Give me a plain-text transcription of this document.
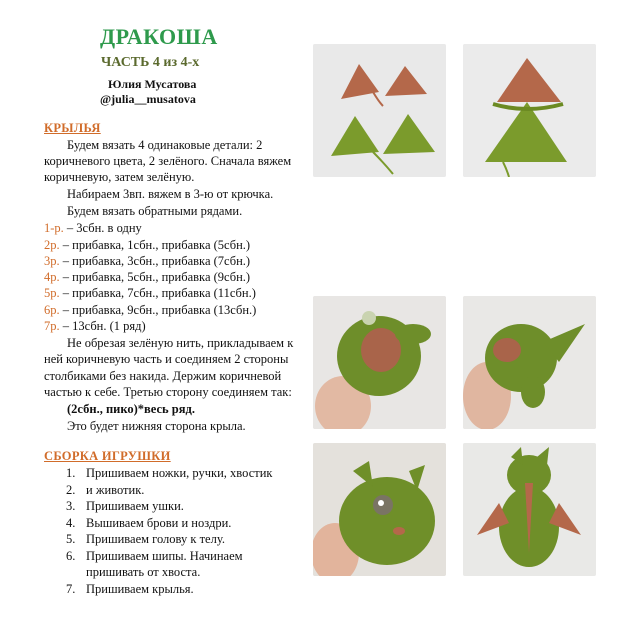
ДРАКОША
ЧАСТЬ 4 из 4-х
Юлия Мусатова
@julia__musatova
КРЫЛЬЯ
Будем вязать 4 одинаковые детали: 2
коричневого цвета, 2 зелёного. Сначала вяжем
коричневую, затем зелёную.
Набираем 3вп. вяжем в 3-ю от крючка.
Будем вязать обратными рядами.
1-р. – 3сбн. в одну
2р. – прибавка, 1сбн., прибавка (5сбн.)
3р. – прибавка, 3сбн., прибавка (7сбн.)
4р. – прибавка, 5сбн., прибавка (9сбн.)
5р. – прибавка, 7сбн., прибавка (11сбн.)
6р. – прибавка, 9сбн., прибавка (13сбн.)
7р. – 13сбн. (1 ряд)
Не обрезая зелёную нить, прикладываем к
ней коричневую часть и соединяем 2 стороны
столбиками без накида. Держим коричневой
частью к себе. Третью сторону соединяем так:
(2сбн., пико)*весь ряд.
Это будет нижняя сторона крыла.
СБОРКА ИГРУШКИ
1. Пришиваем ножки, ручки, хвостик
2. и животик.
3. Пришиваем ушки.
4. Вышиваем брови и ноздри.
5. Пришиваем голову к телу.
6. Пришиваем шипы. Начинаем
пришивать от хвоста.
7. Пришиваем крылья.
